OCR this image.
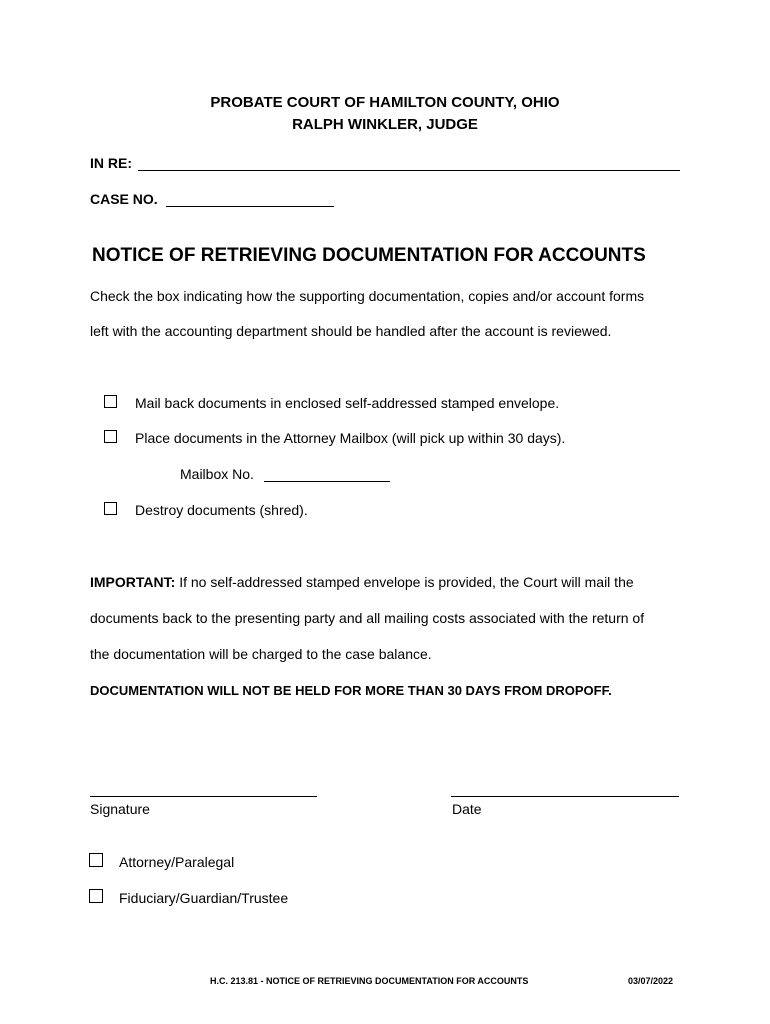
PROBATE COURT OF HAMILTON COUNTY, OHIO
RALPH WINKLER, JUDGE
IN RE:
CASE NO.
NOTICE OF RETRIEVING DOCUMENTATION FOR ACCOUNTS
Check the box indicating how the supporting documentation, copies and/or account forms
left with the accounting department should be handled after the account is reviewed.
Mail back documents in enclosed self-addressed stamped envelope.
Place documents in the Attorney Mailbox (will pick up within 30 days).
Mailbox No.
Destroy documents (shred).
IMPORTANT: If no self-addressed stamped envelope is provided, the Court will mail the
documents back to the presenting party and all mailing costs associated with the return of
the documentation will be charged to the case balance.
DOCUMENTATION WILL NOT BE HELD FOR MORE THAN 30 DAYS FROM DROPOFF.
Signature	Date
Attorney/Paralegal
Fiduciary/Guardian/Trustee
H.C. 213.81 - NOTICE OF RETRIEVING DOCUMENTATION FOR ACCOUNTS	03/07/2022
